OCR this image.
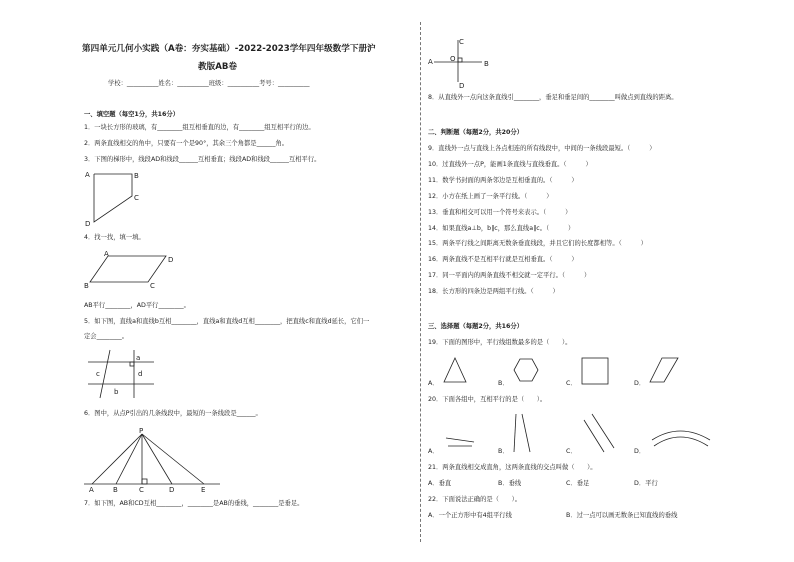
第四单元几何小实践（A卷：夯实基础）-2022-2023学年四年级数学下册沪
教版AB卷
学校：__________姓名：__________班级：__________考号：__________
一、填空题（每空1分，共16分）
1．一块长方形的玻璃，有________组互相垂直的边，有________组互相平行的边。
2．两条直线相交的角中，只要有一个是90°，其余三个角都是______角。
3．下图的梯形中，线段AD和线段______互相垂直；线段AD和线段______互相平行。
A	B
C
D
4．找一找，填一填。
A
B	C
D
AB平行________，AD平行________。
5．如下图，直线a和直线b互相________，直线a和直线d互相________，把直线c和直线d延长，它们一
定会________。
a
b
c	d
6．图中，从点P引出的几条线段中，最短的一条线段是______。
P
A	B	C	D	E
7．如下图，AB和CD互相________，________是AB的垂线，________是垂足。
C
A O
B
D
8．从直线外一点向这条直线引________，垂足和垂足间的________叫做点到直线的距离。
二、判断题（每题2分，共20分）
9．直线外一点与直线上各点相连的所有线段中，中间的一条线段最短。（　　　）
10．过直线外一点P，能画1条直线与直线垂直。（　　　）
11．数学书封面的两条邻边是互相垂直的。（　　　）
12．小方在纸上画了一条平行线。（　　　）
13．垂直和相交可以用一个符号来表示。（　　　）
14．如果直线a⊥b，b∥c，那么直线a∥c。（　　　）
15．两条平行线之间距离无数条垂直线段，并且它们的长度都相等。（　　　）
16．两条直线不是互相平行就是互相垂直。（　　　）
17．同一平面内的两条直线不相交就一定平行。（　　　）
18．长方形的四条边是两组平行线。（　　　）
三、选择题（每题2分，共16分）
19．下面的图形中，平行线组数最多的是（　　）。
A．	B．	C．	D．
20．下面各组中，互相平行的是（　　）。
A．	B．	C．	D．
21．两条直线相交成直角，这两条直线的交点叫做（　　）。
A．垂直	B．垂线	C．垂足	D．平行
22．下面说法正确的是（　　）。
A．一个正方形中有4组平行线	B．过一点可以画无数条已知直线的垂线
